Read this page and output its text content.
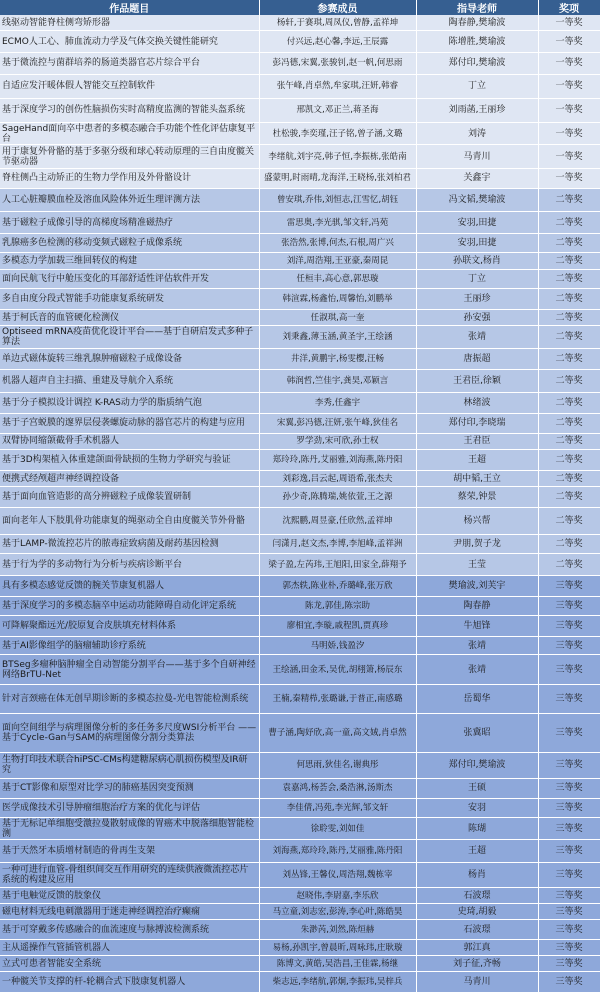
作品题目	参赛成员	指导老师	奖项
线驱动智能脊柱侧弯矫形器	杨轩,于赛琪,周凤仪,曾静,孟祥坤	陶春静,樊瑜波	一等奖
ECMO人工心、肺血流动力学及气体交换关键性能研究	付兴远,赵心馨,李远,王辰露	陈增胜,樊瑜波	一等奖
基于微流控与菌群培养的肠道类器官芯片综合平台	彭冯德,宋翼,张骏钊,赵一帆,何思雨	郑付印,樊瑜波	一等奖
自适应发汗暖体假人智能交互控制软件	张午峰,肖卓然,牟家琪,汪妍,韩睿	丁立	一等奖
基于深度学习的创伤性脑损伤实时高精度监测的智能头盔系统	邢凯文,邓正兰,蒋圣海	刘雨菡,王丽珍	一等奖
SageHand面向卒中患者的多模态融合手功能个性化评估康复平台	杜松骏,李奕瑾,汪子铭,曾子涵,文璐	刘涛	一等奖
用于康复外骨骼的基于多驱分级和球心转动原理的三自由度髋关节驱动器	李绪航,刘宇亮,韩子恒,李振栋,张皓南	马青川	一等奖
脊柱侧凸主动矫正的生物力学作用及外骨骼设计	盛蒙明,时雨晴,龙海洋,王晓杨,张刘柏君	关鑫宇	一等奖
人工心脏瓣膜血栓及溶血风险体外近生理评测方法	曾安琪,乔伟,刘恒志,江雪忆,胡钰	冯文韬,樊瑜波	二等奖
基于磁粒子成像引导的高梯度场精准磁热疗	雷思奥,李光骐,邹文轩,冯苑	安羽,田捷	二等奖
乳腺癌多色检测的移动变频式磁粒子成像系统	张浩然,张博,何杰,石根,周广兴	安羽,田捷	二等奖
多模态力学加载三维回转仪的构建	刘洋,周浩翔,王亚豪,秦周昆	孙联文,杨肖	二等奖
面向民航飞行中舱压变化的耳部舒适性评估软件开发	任桓丰,高心意,郭思璇	丁立	二等奖
多自由度分段式智能手功能康复系统研发	韩渲霖,杨鑫怡,周馨怡,刘鹏举	王丽珍	二等奖
基于柯氏音的血管硬化检测仪	任淑琪,高一奎	孙安强	二等奖
Optiseed mRNA疫苗优化设计平台——基于自研启发式多种子算法	刘秉鑫,薄玉涵,黄圣宇,王绘涵	张靖	二等奖
单边式磁体旋转三维乳腺肿瘤磁粒子成像设备	井洋,黄鹏宇,杨雯樱,汪畅	唐振超	二等奖
机器人超声自主扫描、重建及导航介入系统	韩润哲,竺佳宇,龚昊,邓颖言	王君臣,徐颖	二等奖
基于分子模拟设计调控 K-RAS动力学的脂质纳气泡	李秀,任鑫宇	林绪波	二等奖
基于子宫蜕膜的邃界层侵袭螺旋动脉的器官芯片的构建与应用	宋翼,彭冯德,汪妍,张午峰,狄佳名	郑付印,李晓瑞	二等奖
双臂协同缩颌截骨手术机器人	罗学劲,宋可欣,孙士权	王君臣	二等奖
基于3D构架植入体重建颌面骨缺损的生物力学研究与验证	郑玲玲,陈丹,艾丽雅,刘海燕,陈丹阳	王超	二等奖
便携式经颅超声神经调控设备	刘彩逸,吕云起,周语希,张杰夫	胡中韬,王立	二等奖
基于面向血管造影的高分辨磁粒子成像装置研制	孙少奇,陈腾瑞,姚依萱,王之源	蔡荣,钟景	二等奖
面向老年人下肢肌骨功能康复的绳驱动全自由度髋关节外骨骼	沈熙鹏,周昱豪,任欣然,孟祥坤	杨兴帮	二等奖
基于LAMP-微流控芯片的脓毒症致病菌及耐药基因检测	闫潇月,赵文杰,李博,李旭峰,孟祥洲	尹朋,贺子龙	二等奖
基于行为学的多动物行为分析与疾病诊断平台	梁子盈,左芮玮,王旭阳,田家全,薛翔予	王莹	二等奖
具有多模态感觉反馈的腕关节康复机器人	郭杰轶,陈业朴,乔璐峰,张万欣	樊瑜波,刘芙宇	三等奖
基于深度学习的多模态脑卒中运动功能障碍自动化评定系统	陈龙,郭佳,陈宗助	陶春静	三等奖
可降解聚酯远光/胶原复合皮肤填充材料体系	廖相宜,李璇,戚程凯,贾真珍	牛旭锋	三等奖
基于AI影像组学的脑瘤辅助诊疗系统	马明娇,钱盈汐	张靖	三等奖
BTSeg多瘤种脑肿瘤全自动智能分割平台——基于多个自研神经网络BrTU-Net	王绘涵,田金禾,吴优,胡栩箫,杨辰东	张靖	三等奖
针对言颈癌在体无创早期诊断的多模态拉曼-光电智能检测系统	王楠,秦精栉,张璐谦,于普正,南感璐	岳蜀华	三等奖
面向空间组学与病理图像分析的多任务多尺度WSI分析平台 ——基于Cycle-Gan与SAM的病理图像分割分类算法	曹子涵,陶妤欣,高一童,高文娀,肖卓然	张冀昭	三等奖
生物打印技术联合hiPSC-CMs构建糖尿病心肌损伤模型及IR研究	何思雨,狄佳名,谢典彤	郑付印,樊瑜波	三等奖
基于CT影像和原型对比学习的肺癌基因突变预测	袁嘉鸿,杨荟会,桑浩淋,汤斯杰	王硕	三等奖
医学成像技术引导肿瘤细胞治疗方案的优化与评估	李佳倩,冯苑,李光辉,邹文轩	安羽	三等奖
基于无标记单细胞受激拉曼散射成像的胃癌术中脱落细胞智能检测	徐聆雯,刘如佳	陈瑚	三等奖
基于天然牙本质增材制造的骨再生支架	刘海燕,郑玲玲,陈丹,艾丽雅,陈丹阳	王超	三等奖
一种可进行血管-骨组织间交互作用研究的连续供液微流控芯片系统的构建及应用	刘丛锋,王馨仪,周浩翔,魏栋宰	杨肖	三等奖
基于电触觉反馈的肢象仪	赵晓伟,李尉嘉,李乐欣	石波璟	三等奖
磁电材料无线电刺激器用于迷走神经调控治疗癫痫	马立童,刘志宏,彭涛,李心叶,陈皓昊	史琦,胡毅	三等奖
基于可穿戴多传感融合的血流速度与脉搏波检测系统	朱渺芮,刘然,陈烜赫	石波璟	三等奖
主从遥操作气管插管机器人	易杨,孙凯宇,曾晨昕,周咏玮,庄耿璇	郭江真	三等奖
立式可患者智能安全系统	陈博文,黄皓,吴浩昌,王佳霖,杨继	刘子征,齐畅	三等奖
一种髋关节支撑的杆-轮耦合式下肢康复机器人	柴志远,李绪航,郭炯,李振玮,吴梓兵	马青川	三等奖
